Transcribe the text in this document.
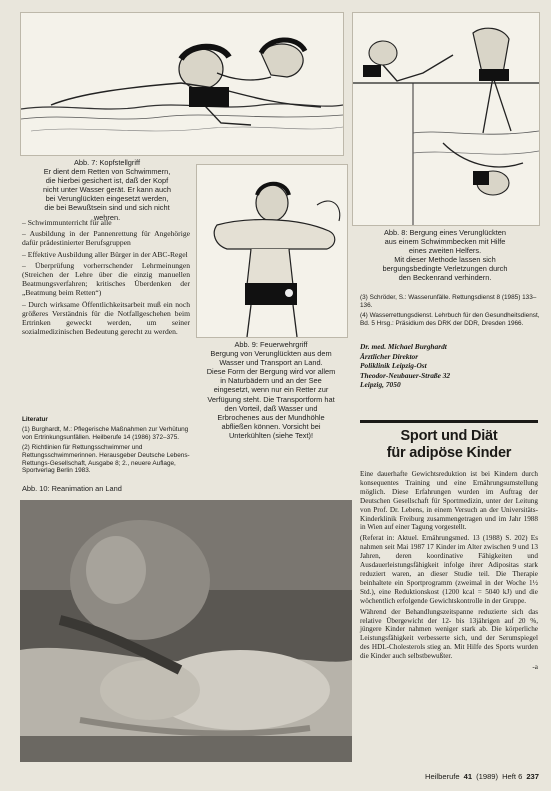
Abb. 7: Kopfstellgriff
Er dient dem Retten von Schwimmern,
die hierbei gesichert ist, daß der Kopf
nicht unter Wasser gerät. Er kann auch
bei Verunglückten eingesetzt werden,
die bei Bewußtsein sind und sich nicht
wehren.
Abb. 8: Bergung eines Verunglückten
aus einem Schwimmbecken mit Hilfe
eines zweiten Helfers.
Mit dieser Methode lassen sich
bergungsbedingte Verletzungen durch
den Beckenrand verhindern.

– Schwimmunterricht für alle

– Ausbildung in der Pannenrettung für Angehörige dafür prädestinierter Berufsgruppen

– Effektive Ausbildung aller Bürger in der ABC-Regel

– Überprüfung vorherrschender Lehrmeinungen (Streichen der Lehre über die einzig manuellen Beatmungsverfahren; kritisches Überdenken der „Beatmung beim Retten“)

– Durch wirksame Öffentlichkeitsarbeit muß ein noch größeres Verständnis für die Notfallgeschehen beim Ertrinken geweckt werden, um seiner sozialmedizinischen Bedeutung gerecht zu werden.

Literatur
(1) Burghardt, M.: Pflegerische Maßnahmen zur Verhütung von Ertrinkungsunfällen. Heilberufe 14 (1986) 372–375.
(2) Richtlinien für Rettungsschwimmer und Rettungsschwimmerinnen. Herausgeber Deutsche Lebens-Rettungs-Gesellschaft, Ausgabe 8; 2., neuere Auflage, Sportverlag Berlin 1983.
Abb. 9: Feuerwehrgriff
Bergung von Verunglückten aus dem
Wasser und Transport an Land.
Diese Form der Bergung wird vor allem
in Naturbädern und an der See
eingesetzt, wenn nur ein Retter zur
Verfügung steht. Die Transportform hat
den Vorteil, daß Wasser und
Erbrochenes aus der Mundhöhle
abfließen können. Vorsicht bei
Unterkühlten (siehe Text)!
(3) Schröder, S.: Wasserunfälle. Rettungsdienst 8 (1985) 133–136.
(4) Wasserrettungsdienst. Lehrbuch für den Gesundheitsdienst, Bd. 5 Hrsg.: Präsidium des DRK der DDR, Dresden 1966.
Dr. med. Michael Burghardt
Ärztlicher Direktor
Poliklinik Leipzig-Ost
Theodor-Neubauer-Straße 32
Leipzig, 7050
Sport und Diät
für adipöse Kinder

Eine dauerhafte Gewichtsreduktion ist bei Kindern durch konsequentes Training und eine Ernährungsumstellung möglich. Diese Erfahrungen wurden im Auftrag der Deutschen Gesellschaft für Sportmedizin, unter der Leitung von Prof. Dr. Lebens, in einem Versuch an der Universitäts-Kinderklinik Freiburg zusammengetragen und im Jahr 1988 in Wien auf einer Tagung vorgestellt.

(Referat in: Aktuel. Ernährungsmed. 13 (1988) S. 202) Es nahmen seit Mai 1987 17 Kinder im Alter zwischen 9 und 13 Jahren, deren koordinative Fähigkeiten und Ausdauerleistungsfähigkeit infolge ihrer Adipositas stark reduziert waren, an dieser Studie teil. Die Therapie beinhaltete ein Sportprogramm (zweimal in der Woche 1½ Std.), eine Reduktionskost (1200 kcal = 5040 kJ) und die wöchentlich erfolgende Gewichtskontrolle in der Gruppe.

Während der Behandlungszeitspanne reduzierte sich das relative Übergewicht der 12- bis 13jährigen auf 20 %, jüngere Kinder nahmen weniger stark ab. Die körperliche Leistungsfähigkeit verbesserte sich, und der Serumspiegel des HDL-Cholesterols stieg an. Mit Hilfe des Sports wurden die Kinder auch selbstbewußter.

-a

Abb. 10: Reanimation an Land
Heilberufe 41 (1989) Heft 6 237
